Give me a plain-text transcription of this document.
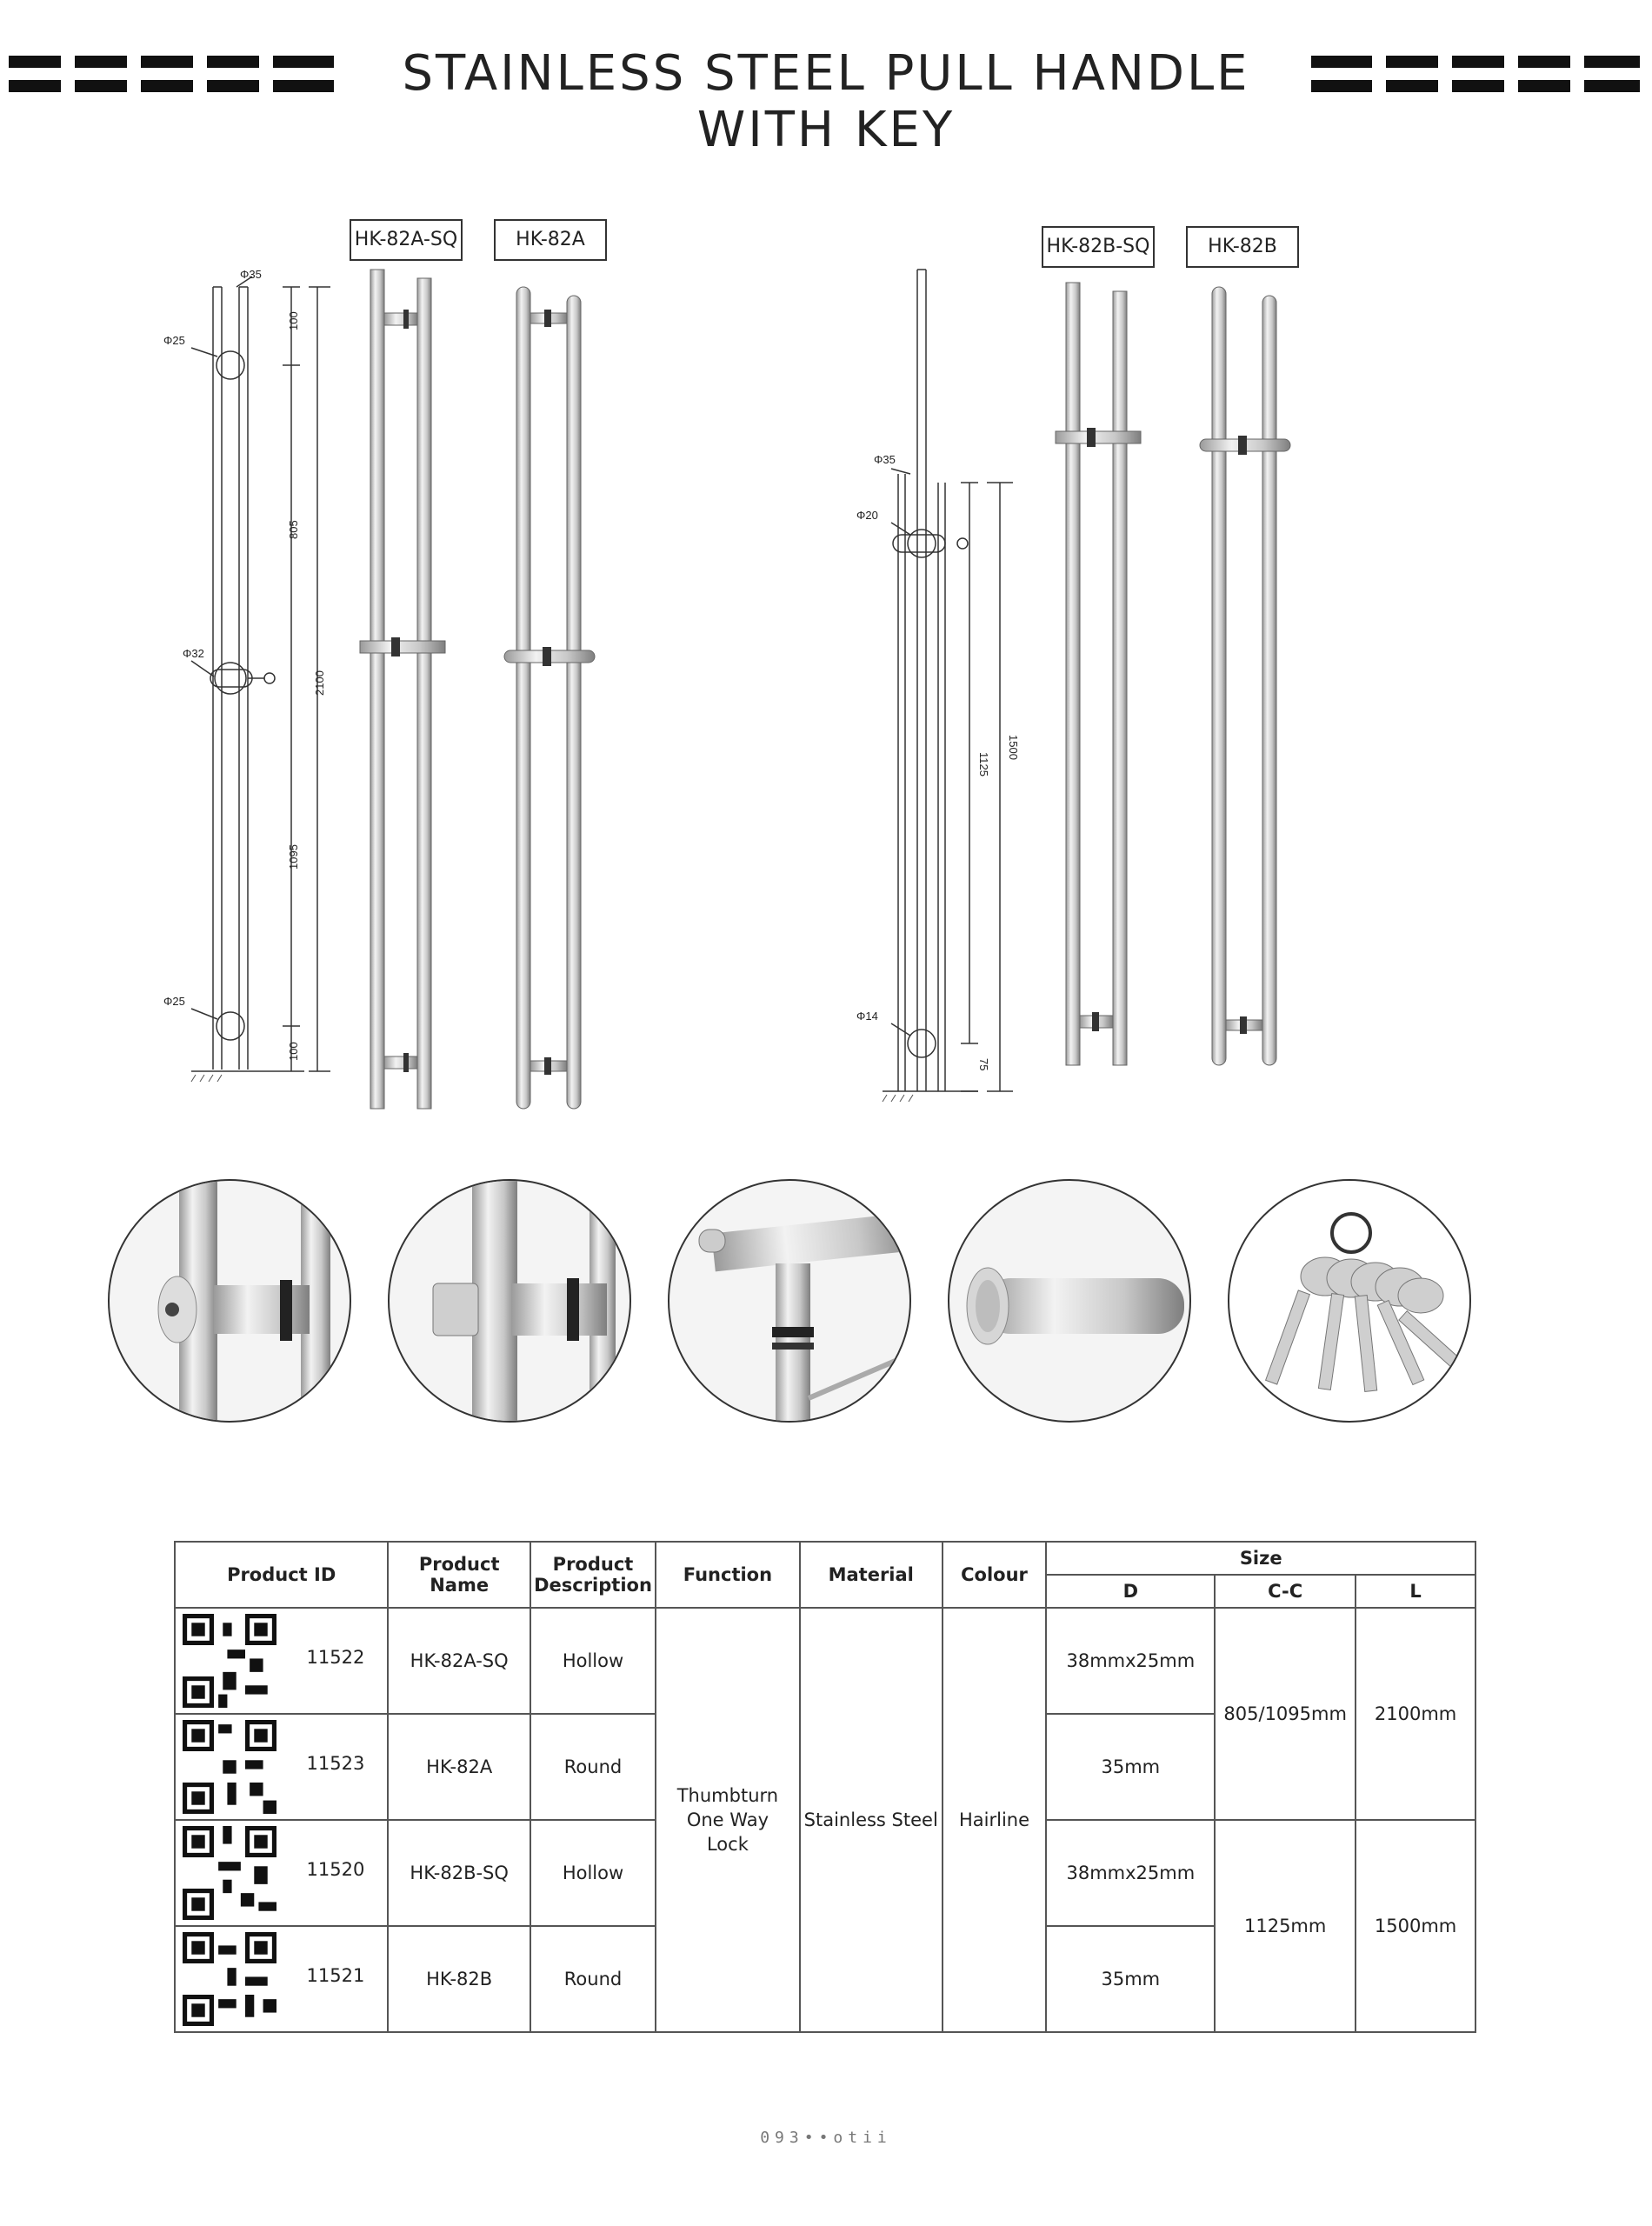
STAINLESS STEEL PULL HANDLE WITH KEY
HK-82A-SQ	HK-82A	HK-82B-SQ	HK-82B
Φ35
Φ25
Φ32
Φ25
100
805
2100
1095
100
Φ35
Φ20
Φ14
1125
1500
75
Product ID	Product Name	Product Description	Function	Material	Colour	Size		
						D	C-C	L

11522	HK-82A-SQ	Hollow	Thumbturn One Way Lock	Stainless Steel	Hairline	38mmx25mm	805/1095mm	2100mm

11523	HK-82A	Round				35mm		

11520	HK-82B-SQ	Hollow				38mmx25mm	1125mm	1500mm

11521	HK-82B	Round				35mm		
093••otii
